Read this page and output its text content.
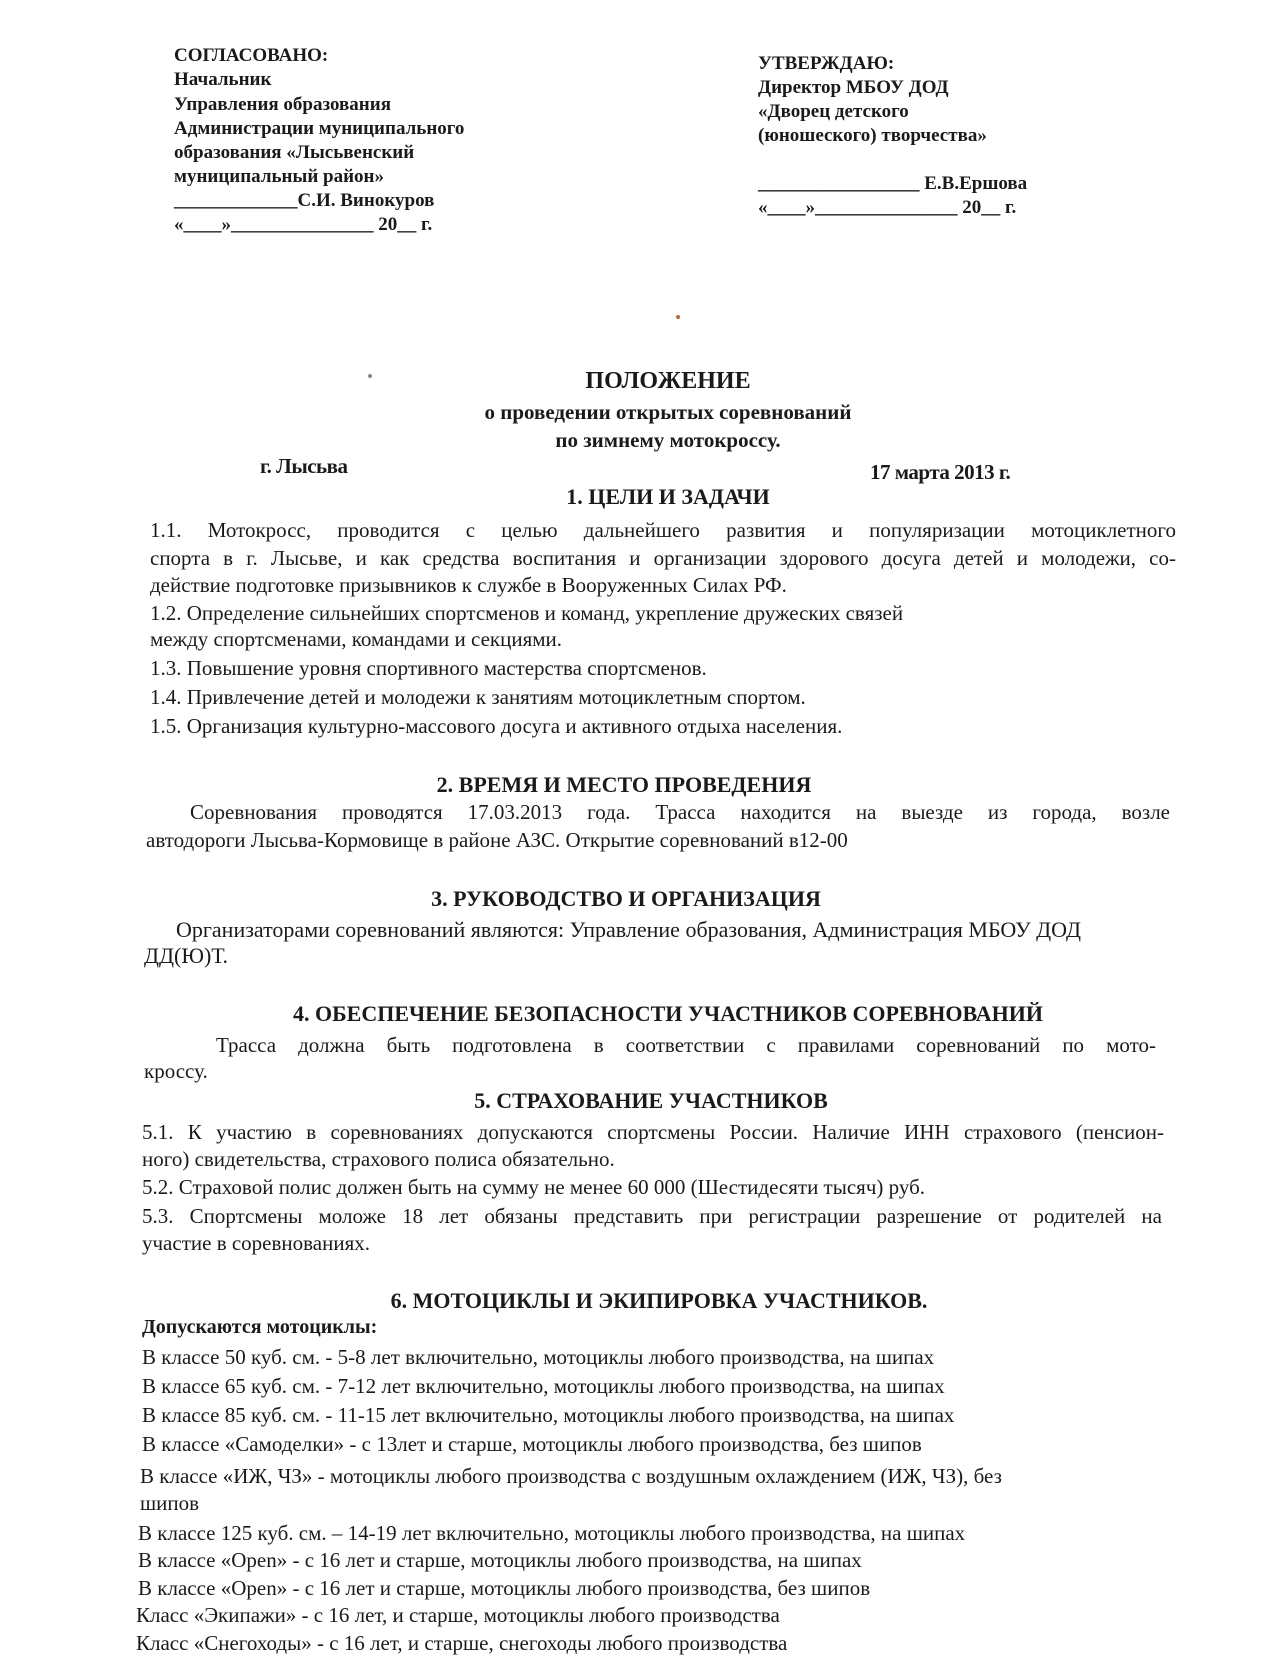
СОГЛАСОВАНО:
Начальник
Управления образования
Администрации муниципального
образования «Лысьвенский
муниципальный район»
_____________С.И. Винокуров
«____»_______________ 20__ г.
УТВЕРЖДАЮ:
Директор МБОУ ДОД
«Дворец детского
(юношеского) творчества»
_________________ Е.В.Ершова
«____»_______________ 20__ г.
ПОЛОЖЕНИЕ
о проведении открытых соревнований
по зимнему мотокроссу.
г. Лысьва	17 марта 2013 г.
1. ЦЕЛИ И ЗАДАЧИ
1.1. Мотокросс, проводится с целью дальнейшего развития и популяризации мотоциклетного
спорта в г. Лысьве, и как средства воспитания и организации здорового досуга детей и молодежи, со-
действие подготовке призывников к службе в Вооруженных Силах РФ.
1.2. Определение сильнейших спортсменов и команд, укрепление дружеских связей
между спортсменами, командами и секциями.
1.3. Повышение уровня спортивного мастерства спортсменов.
1.4. Привлечение детей и молодежи к занятиям мотоциклетным спортом.
1.5. Организация культурно-массового досуга и активного отдыха населения.
2. ВРЕМЯ И МЕСТО ПРОВЕДЕНИЯ
Соревнования проводятся 17.03.2013 года. Трасса находится на выезде из города, возле
автодороги Лысьва-Кормовище в районе АЗС. Открытие соревнований в12-00
3. РУКОВОДСТВО И ОРГАНИЗАЦИЯ
Организаторами соревнований являются: Управление образования, Администрация МБОУ ДОД
ДД(Ю)Т.
4. ОБЕСПЕЧЕНИЕ БЕЗОПАСНОСТИ УЧАСТНИКОВ СОРЕВНОВАНИЙ
Трасса должна быть подготовлена в соответствии с правилами соревнований по мото-
кроссу.
5. СТРАХОВАНИЕ УЧАСТНИКОВ
5.1. К участию в соревнованиях допускаются спортсмены России. Наличие ИНН страхового (пенсион-
ного) свидетельства, страхового полиса обязательно.
5.2. Страховой полис должен быть на сумму не менее 60 000 (Шестидесяти тысяч) руб.
5.3. Спортсмены моложе 18 лет обязаны представить при регистрации разрешение от родителей на
участие в соревнованиях.
6. МОТОЦИКЛЫ И ЭКИПИРОВКА УЧАСТНИКОВ.
Допускаются мотоциклы:
В классе 50 куб. см. - 5-8 лет включительно, мотоциклы любого производства, на шипах
В классе 65 куб. см. - 7-12 лет включительно, мотоциклы любого производства, на шипах
В классе 85 куб. см. - 11-15 лет включительно, мотоциклы любого производства, на шипах
В классе «Самоделки» - с 13лет и старше, мотоциклы любого производства, без шипов
В классе «ИЖ, ЧЗ» - мотоциклы любого производства с воздушным охлаждением (ИЖ, ЧЗ), без
шипов
В классе 125 куб. см. – 14-19 лет включительно, мотоциклы любого производства, на шипах
В классе «Open» - с 16 лет и старше, мотоциклы любого производства, на шипах
В классе «Open» - с 16 лет и старше, мотоциклы любого производства, без шипов
Класс «Экипажи» - с 16 лет, и старше, мотоциклы любого производства
Класс «Снегоходы» - с 16 лет, и старше, снегоходы любого производства
